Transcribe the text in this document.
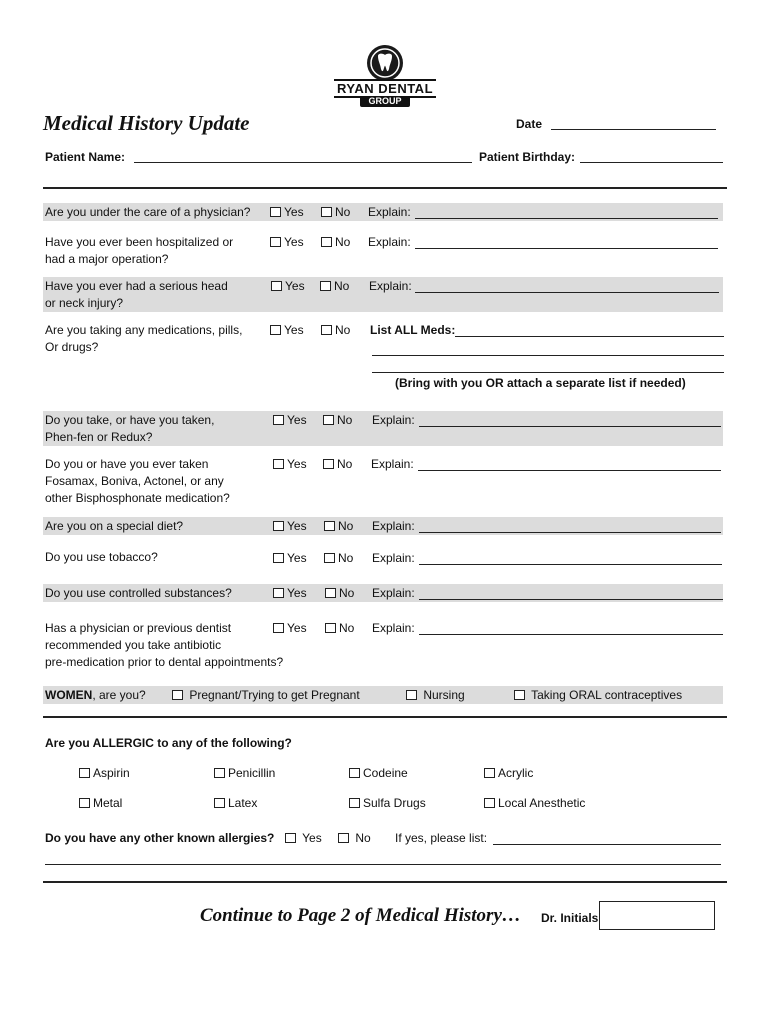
RYAN DENTAL
GROUP
Medical History Update	Date
Patient Name:	Patient Birthday:
Are you under the care of a physician?	Yes	No Explain:
Have you ever been hospitalized or
had a major operation?
Yes	No Explain:
Have you ever had a serious head
or neck injury?
Yes	No Explain:
Are you taking any medications, pills,
Or drugs?
Yes	No List ALL Meds:
(Bring with you OR attach a separate list if needed)
Do you take, or have you taken,
Phen-fen or Redux?
Yes	No Explain:
Do you or have you ever taken
Fosamax, Boniva, Actonel, or any
other Bisphosphonate medication?
Yes	No Explain:
Are you on a special diet?	Yes	No Explain:
Do you use tobacco?	Yes	No Explain:
Do you use controlled substances?	Yes	No Explain:
Has a physician or previous dentist
recommended you take antibiotic
pre-medication prior to dental appointments?
Yes	No Explain:
WOMEN, are you?	Pregnant/Trying to get Pregnant	Nursing	Taking ORAL contraceptives
Are you ALLERGIC to any of the following?
Aspirin	Penicillin	Codeine	Acrylic
Metal	Latex	Sulfa Drugs	Local Anesthetic
Do you have any other known allergies?	Yes	No If yes, please list:
Continue to Page 2 of Medical History… Dr. Initials
